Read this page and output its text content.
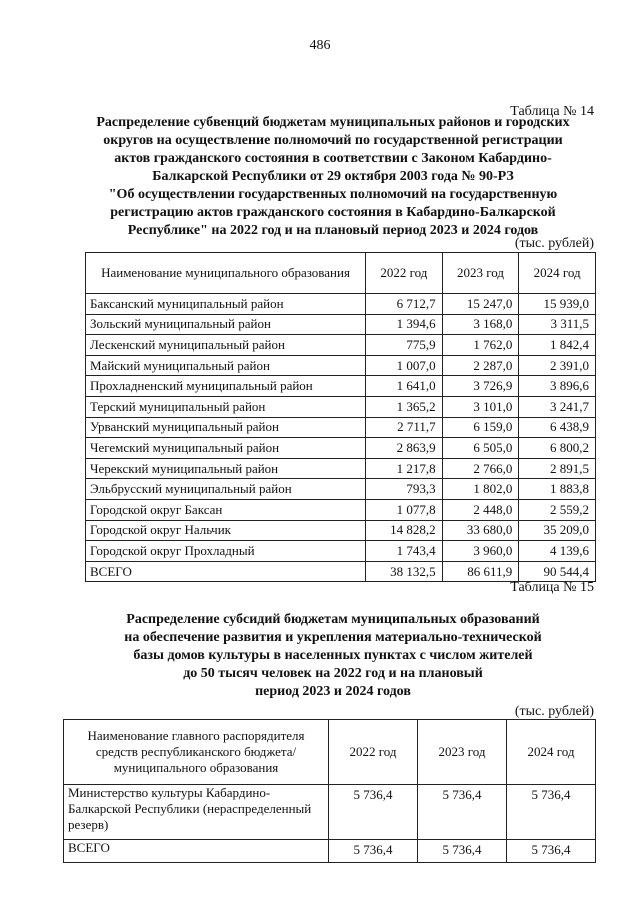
486
Таблица № 14
Распределение субвенций бюджетам муниципальных районов и городских
округов на осуществление полномочий по государственной регистрации
актов гражданского состояния в соответствии с Законом Кабардино-
Балкарской Республики от 29 октября 2003 года № 90-РЗ
"Об осуществлении государственных полномочий на государственную
регистрацию актов гражданского состояния в Кабардино-Балкарской
Республике" на 2022 год и на плановый период 2023 и 2024 годов
(тыс. рублей)
Наименование муниципального образования	2022 год	2023 год	2024 год
Баксанский муниципальный район	6 712,7	15 247,0	15 939,0
Зольский муниципальный район	1 394,6	3 168,0	3 311,5
Лескенский муниципальный район	775,9	1 762,0	1 842,4
Майский муниципальный район	1 007,0	2 287,0	2 391,0
Прохладненский муниципальный район	1 641,0	3 726,9	3 896,6
Терский муниципальный район	1 365,2	3 101,0	3 241,7
Урванский муниципальный район	2 711,7	6 159,0	6 438,9
Чегемский муниципальный район	2 863,9	6 505,0	6 800,2
Черекский муниципальный район	1 217,8	2 766,0	2 891,5
Эльбрусский муниципальный район	793,3	1 802,0	1 883,8
Городской округ Баксан	1 077,8	2 448,0	2 559,2
Городской округ Нальчик	14 828,2	33 680,0	35 209,0
Городской округ Прохладный	1 743,4	3 960,0	4 139,6
ВСЕГО	38 132,5	86 611,9	90 544,4
Таблица № 15
Распределение субсидий бюджетам муниципальных образований
на обеспечение развития и укрепления материально-технической
базы домов культуры в населенных пунктах с числом жителей
до 50 тысяч человек на 2022 год и на плановый
период 2023 и 2024 годов
(тыс. рублей)
Наименование главного распорядителя средств республиканского бюджета/ муниципального образования	2022 год	2023 год	2024 год
Министерство культуры Кабардино-Балкарской Республики (нераспределенный резерв)	5 736,4	5 736,4	5 736,4
ВСЕГО	5 736,4	5 736,4	5 736,4
